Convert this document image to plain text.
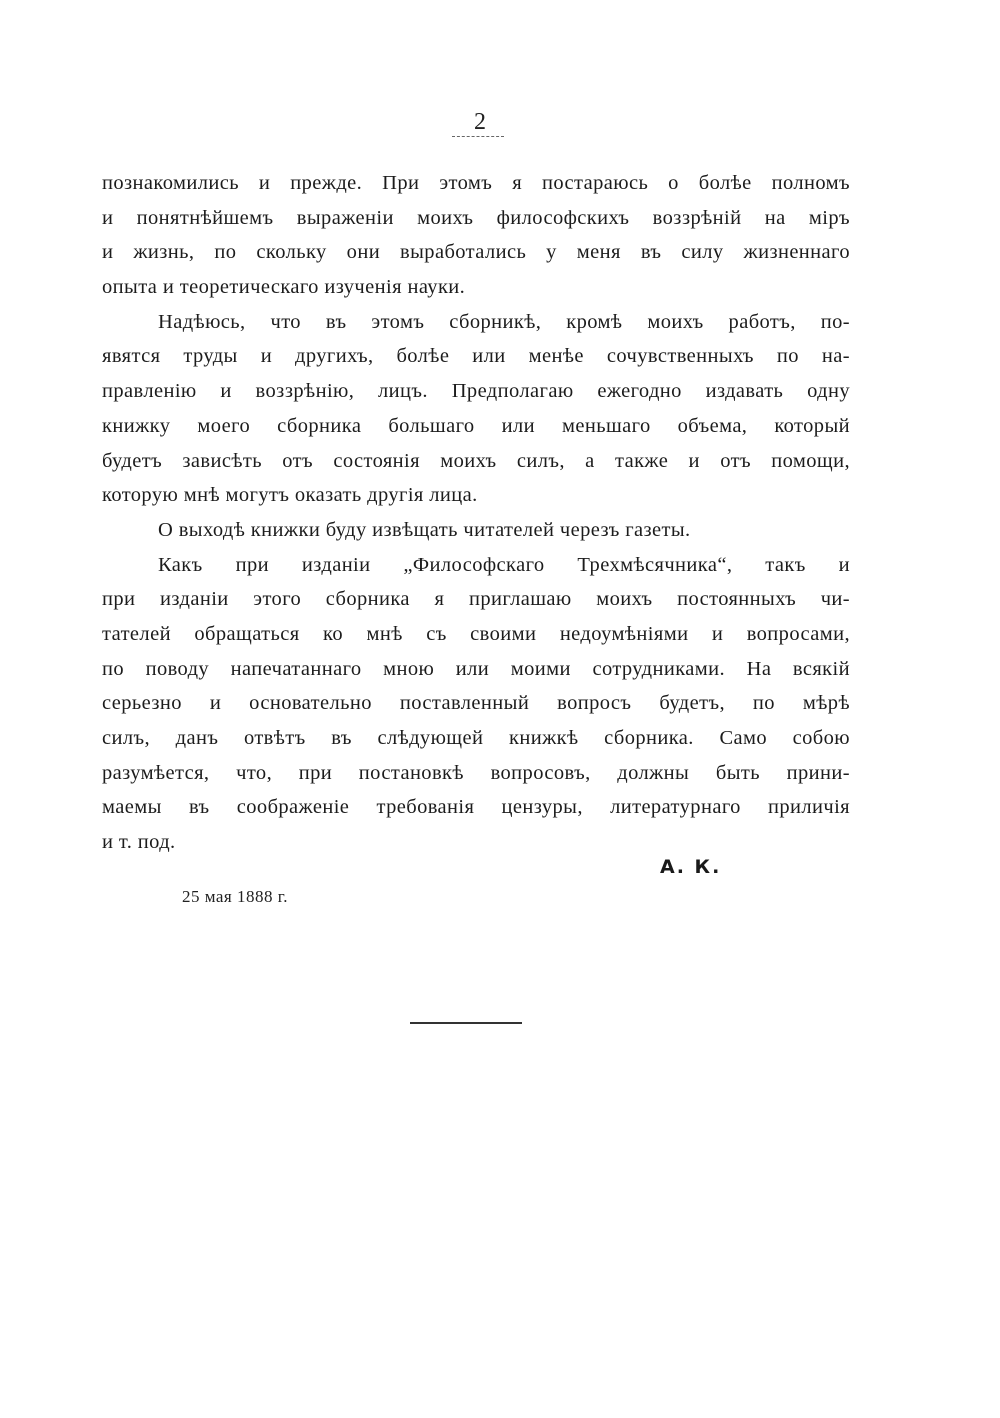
2
познакомились и прежде. При этомъ я постараюсь о болѣе полномъ
и понятнѣйшемъ выраженіи моихъ философскихъ воззрѣній на міръ
и жизнь, по скольку они выработались у меня въ силу жизненнаго
опыта и теоретическаго изученія науки.
Надѣюсь, что въ этомъ сборникѣ, кромѣ моихъ работъ, по-
явятся труды и другихъ, болѣе или менѣе сочувственныхъ по на-
правленію и воззрѣнію, лицъ. Предполагаю ежегодно издавать одну
книжку моего сборника большаго или меньшаго объема, который
будетъ зависѣть отъ состоянія моихъ силъ, а также и отъ помощи,
которую мнѣ могутъ оказать другія лица.
О выходѣ книжки буду извѣщать читателей черезъ газеты.
Какъ при изданіи „Философскаго Трехмѣсячника“, такъ и
при изданіи этого сборника я приглашаю моихъ постоянныхъ чи-
тателей обращаться ко мнѣ съ своими недоумѣніями и вопросами,
по поводу напечатаннаго мною или моими сотрудниками. На всякій
серьезно и основательно поставленный вопросъ будетъ, по мѣрѣ
силъ, данъ отвѣтъ въ слѣдующей книжкѣ сборника. Само собою
разумѣется, что, при постановкѣ вопросовъ, должны быть прини-
маемы въ соображеніе требованія цензуры, литературнаго приличія
и т. под.
А. К.
25 мая 1888 г.
